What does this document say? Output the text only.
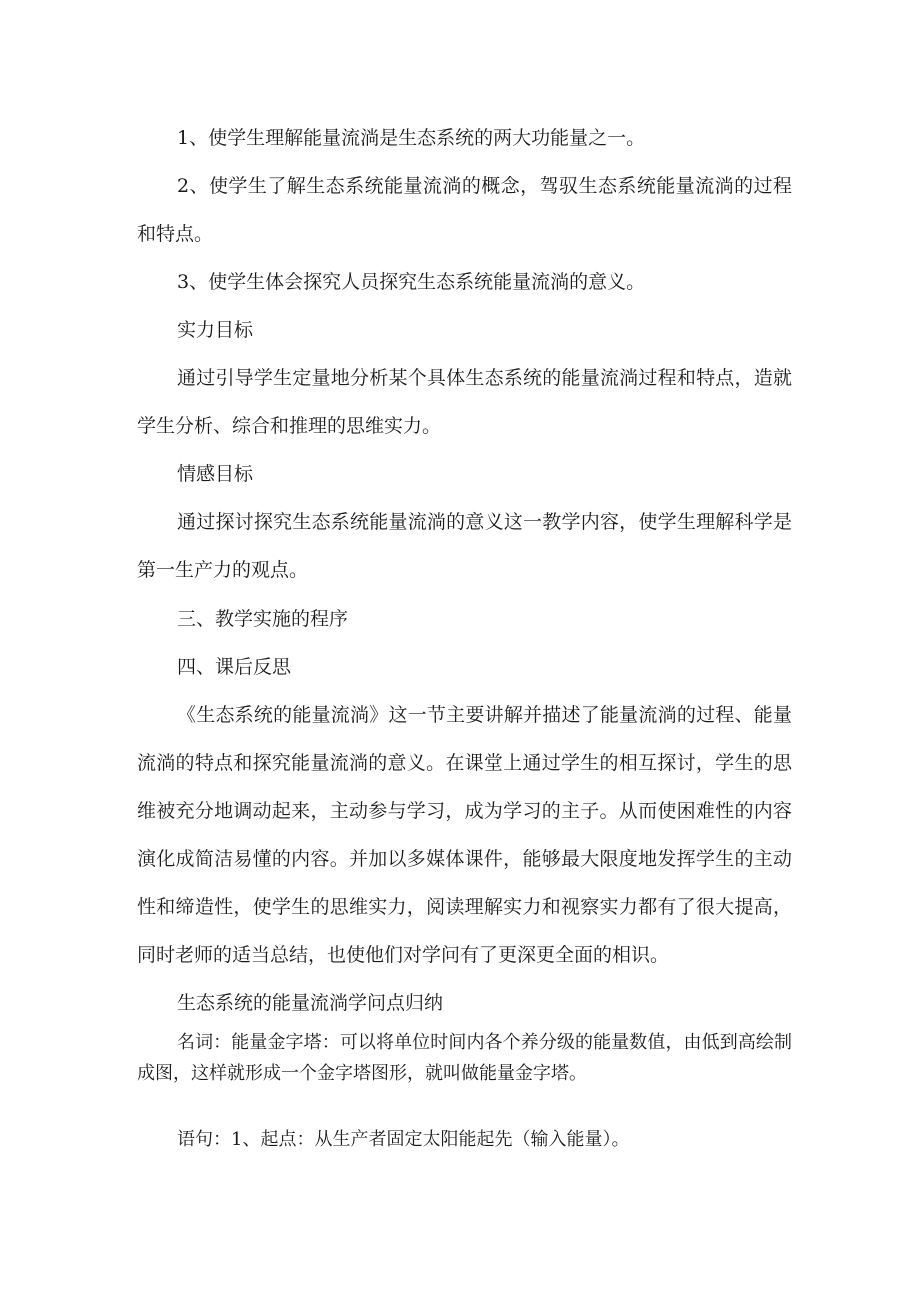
1、使学生理解能量流淌是生态系统的两大功能量之一。

2、使学生了解生态系统能量流淌的概念，驾驭生态系统能量流淌的过程和特点。

3、使学生体会探究人员探究生态系统能量流淌的意义。

实力目标

通过引导学生定量地分析某个具体生态系统的能量流淌过程和特点，造就学生分析、综合和推理的思维实力。

情感目标

通过探讨探究生态系统能量流淌的意义这一教学内容，使学生理解科学是第一生产力的观点。

三、教学实施的程序

四、课后反思

《生态系统的能量流淌》这一节主要讲解并描述了能量流淌的过程、能量流淌的特点和探究能量流淌的意义。在课堂上通过学生的相互探讨，学生的思维被充分地调动起来，主动参与学习，成为学习的主子。从而使困难性的内容演化成简洁易懂的内容。并加以多媒体课件，能够最大限度地发挥学生的主动性和缔造性，使学生的思维实力，阅读理解实力和视察实力都有了很大提高，同时老师的适当总结，也使他们对学问有了更深更全面的相识。

生态系统的能量流淌学问点归纳

名词：能量金字塔：可以将单位时间内各个养分级的能量数值，由低到高绘制成图，这样就形成一个金字塔图形，就叫做能量金字塔。

语句：1、起点：从生产者固定太阳能起先（输入能量）。
